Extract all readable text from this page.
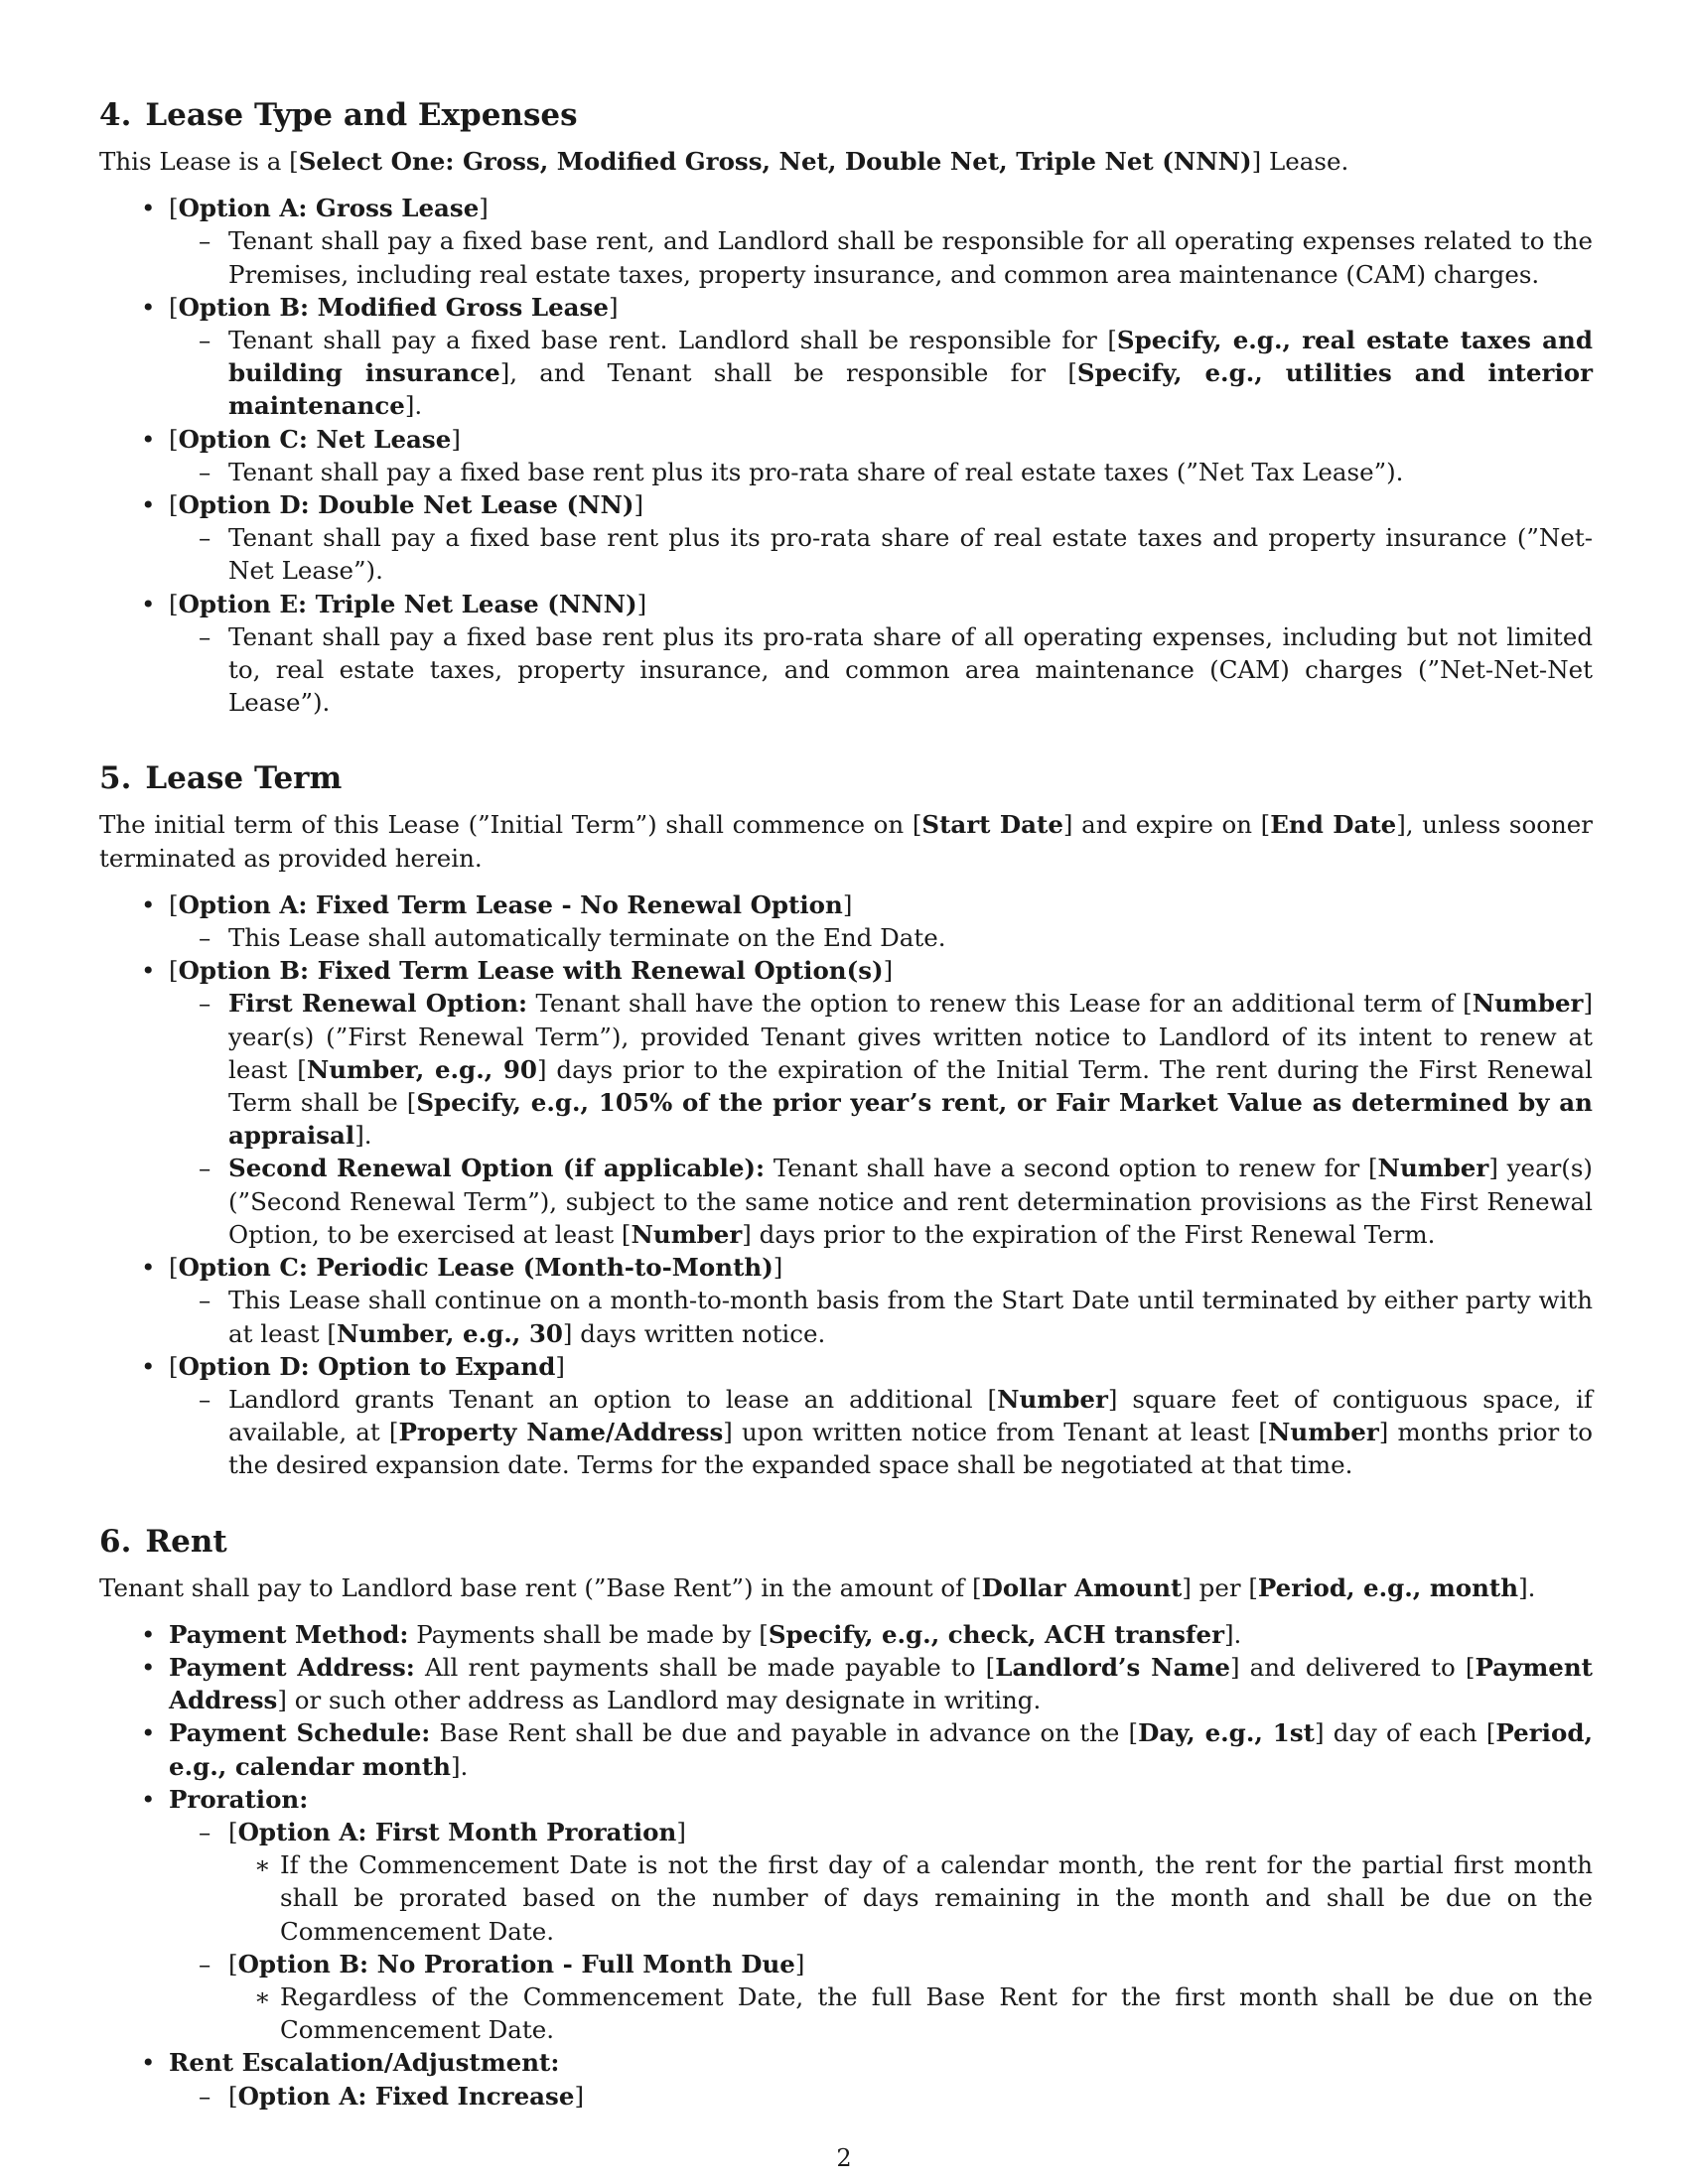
4. Lease Type and Expenses

This Lease is a [Select One: Gross, Modified Gross, Net, Double Net, Triple Net (NNN)] Lease.

• [Option A: Gross Lease]
– Tenant shall pay a fixed base rent, and Landlord shall be responsible for all operating expenses related to the Premises, including real estate taxes, property insurance, and common area maintenance (CAM) charges.
• [Option B: Modified Gross Lease]
– Tenant shall pay a fixed base rent. Landlord shall be responsible for [Specify, e.g., real estate taxes and building insurance], and Tenant shall be responsible for [Specify, e.g., utilities and interior maintenance].
• [Option C: Net Lease]
– Tenant shall pay a fixed base rent plus its pro-rata share of real estate taxes (”Net Tax Lease”).
• [Option D: Double Net Lease (NN)]
– Tenant shall pay a fixed base rent plus its pro-rata share of real estate taxes and property insurance (”Net-Net Lease”).
• [Option E: Triple Net Lease (NNN)]
– Tenant shall pay a fixed base rent plus its pro-rata share of all operating expenses, including but not limited to, real estate taxes, property insurance, and common area maintenance (CAM) charges (”Net-Net-Net Lease”).
5. Lease Term

The initial term of this Lease (”Initial Term”) shall commence on [Start Date] and expire on [End Date], unless sooner terminated as provided herein.

• [Option A: Fixed Term Lease - No Renewal Option]
– This Lease shall automatically terminate on the End Date.
• [Option B: Fixed Term Lease with Renewal Option(s)]
– First Renewal Option: Tenant shall have the option to renew this Lease for an additional term of [Number] year(s) (”First Renewal Term”), provided Tenant gives written notice to Landlord of its intent to renew at least [Number, e.g., 90] days prior to the expiration of the Initial Term. The rent during the First Renewal Term shall be [Specify, e.g., 105% of the prior year’s rent, or Fair Market Value as determined by an appraisal].
– Second Renewal Option (if applicable): Tenant shall have a second option to renew for [Number] year(s) (”Second Renewal Term”), subject to the same notice and rent determination provisions as the First Renewal Option, to be exercised at least [Number] days prior to the expiration of the First Renewal Term.
• [Option C: Periodic Lease (Month-to-Month)]
– This Lease shall continue on a month-to-month basis from the Start Date until terminated by either party with at least [Number, e.g., 30] days written notice.
• [Option D: Option to Expand]
– Landlord grants Tenant an option to lease an additional [Number] square feet of contiguous space, if available, at [Property Name/Address] upon written notice from Tenant at least [Number] months prior to the desired expansion date. Terms for the expanded space shall be negotiated at that time.
6. Rent

Tenant shall pay to Landlord base rent (”Base Rent”) in the amount of [Dollar Amount] per [Period, e.g., month].

• Payment Method: Payments shall be made by [Specify, e.g., check, ACH transfer].
• Payment Address: All rent payments shall be made payable to [Landlord’s Name] and delivered to [Payment Address] or such other address as Landlord may designate in writing.
• Payment Schedule: Base Rent shall be due and payable in advance on the [Day, e.g., 1st] day of each [Period, e.g., calendar month].
• Proration:
– [Option A: First Month Proration]
∗ If the Commencement Date is not the first day of a calendar month, the rent for the partial first month shall be prorated based on the number of days remaining in the month and shall be due on the Commencement Date.
– [Option B: No Proration - Full Month Due]
∗ Regardless of the Commencement Date, the full Base Rent for the first month shall be due on the Commencement Date.
• Rent Escalation/Adjustment:
– [Option A: Fixed Increase]
2
